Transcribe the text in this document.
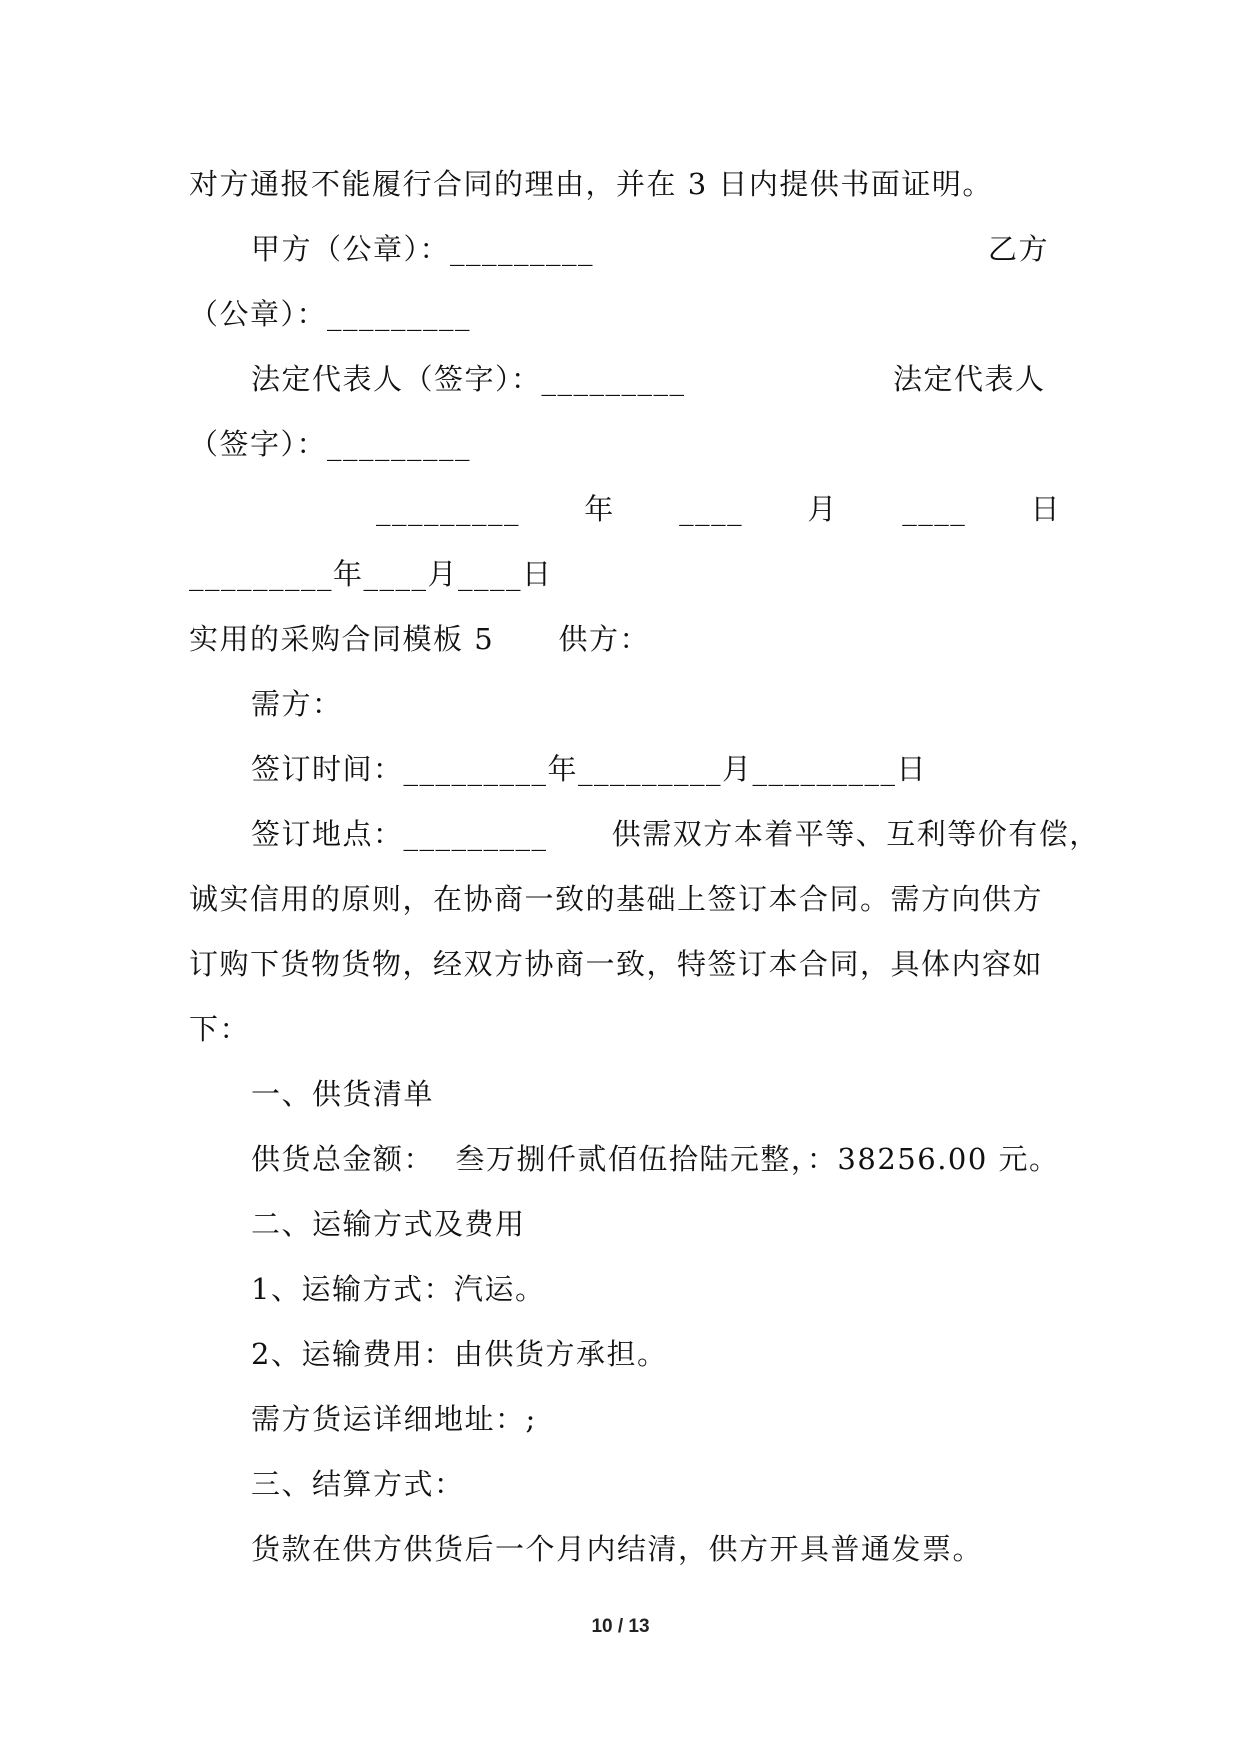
对方通报不能履行合同的理由，并在 3 日内提供书面证明。
甲方（公章）：_________	乙方
（公章）：_________
法定代表人（签字）：_________	法定代表人
（签字）：_________
_________      年      ____      月      ____      日
_________年____月____日
实用的采购合同模板 5      供方：
需方：
签订时间：_________年_________月_________日
签订地点：_________      供需双方本着平等、互利等价有偿，
诚实信用的原则，在协商一致的基础上签订本合同。需方向供方
订购下货物货物，经双方协商一致，特签订本合同，具体内容如
下：
一、供货清单
供货总金额：  叁万捌仟贰佰伍拾陆元整，：38256.00 元。
二、运输方式及费用
1、运输方式：汽运。
2、运输费用：由供货方承担。
需方货运详细地址：;
三、结算方式：
货款在供方供货后一个月内结清，供方开具普通发票。
10 / 13
